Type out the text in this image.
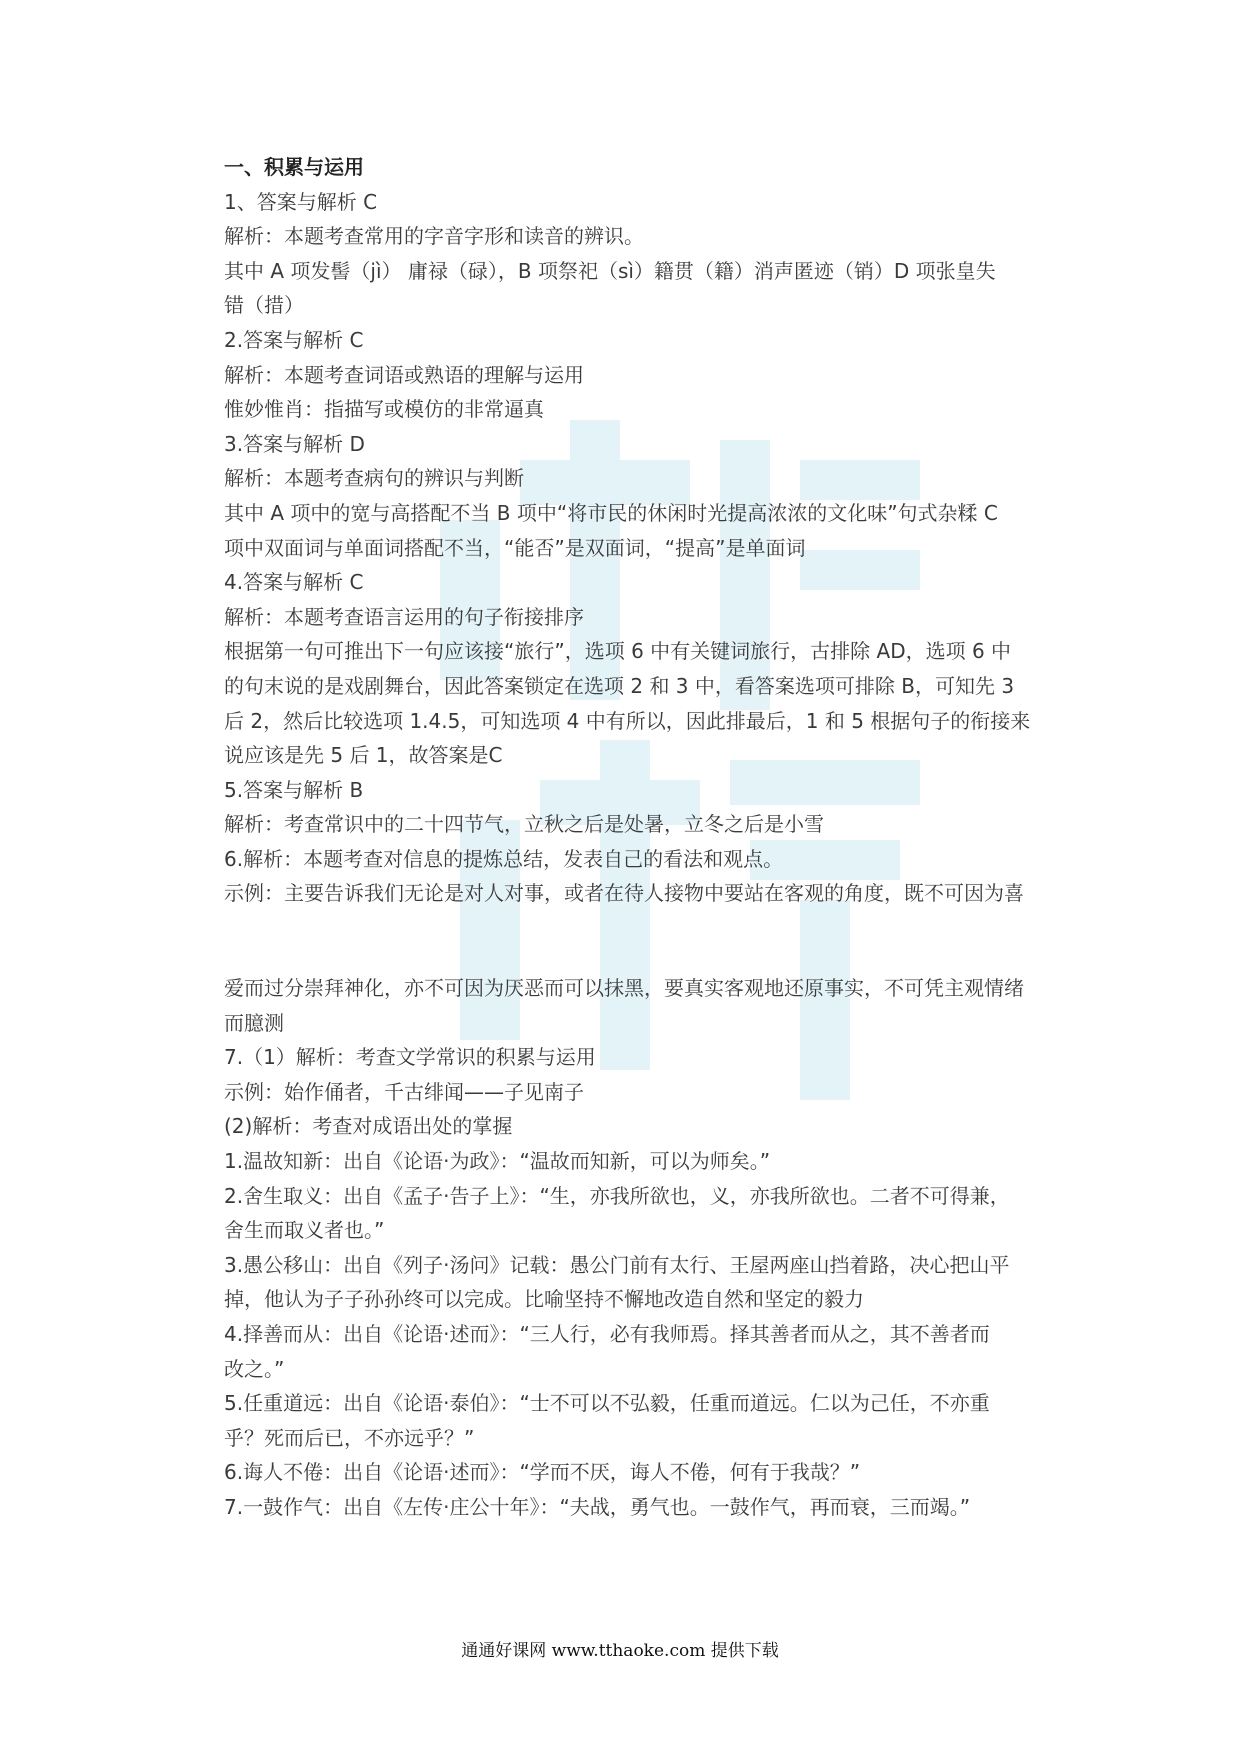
一、积累与运用
1、答案与解析 C
解析：本题考查常用的字音字形和读音的辨识。
其中 A 项发髻（jì） 庸禄（碌），B 项祭祀（sì）籍贯（籍）消声匿迹（销）D 项张皇失
错（措）
2.答案与解析 C
解析：本题考查词语或熟语的理解与运用
惟妙惟肖：指描写或模仿的非常逼真
3.答案与解析 D
解析：本题考查病句的辨识与判断
其中 A 项中的宽与高搭配不当 B 项中“将市民的休闲时光提高浓浓的文化味”句式杂糅 C
项中双面词与单面词搭配不当，“能否”是双面词，“提高”是单面词
4.答案与解析 C
解析：本题考查语言运用的句子衔接排序
根据第一句可推出下一句应该接“旅行”，选项 6 中有关键词旅行，古排除 AD，选项 6 中
的句末说的是戏剧舞台，因此答案锁定在选项 2 和 3 中，看答案选项可排除 B，可知先 3
后 2，然后比较选项 1.4.5，可知选项 4 中有所以，因此排最后，1 和 5 根据句子的衔接来
说应该是先 5 后 1，故答案是C
5.答案与解析 B
解析：考查常识中的二十四节气，立秋之后是处暑，立冬之后是小雪
6.解析：本题考查对信息的提炼总结，发表自己的看法和观点。
示例：主要告诉我们无论是对人对事，或者在待人接物中要站在客观的角度，既不可因为喜
爱而过分崇拜神化，亦不可因为厌恶而可以抹黑，要真实客观地还原事实，不可凭主观情绪
而臆测
7.（1）解析：考查文学常识的积累与运用
示例：始作俑者，千古绯闻——子见南子
(2)解析：考查对成语出处的掌握
1.温故知新：出自《论语·为政》：“温故而知新，可以为师矣。”
2.舍生取义：出自《孟子·告子上》：“生，亦我所欲也，义，亦我所欲也。二者不可得兼，
舍生而取义者也。”
3.愚公移山：出自《列子·汤问》记载：愚公门前有太行、王屋两座山挡着路，决心把山平
掉，他认为子子孙孙终可以完成。比喻坚持不懈地改造自然和坚定的毅力
4.择善而从：出自《论语·述而》：“三人行，必有我师焉。择其善者而从之，其不善者而
改之。”
5.任重道远：出自《论语·泰伯》：“士不可以不弘毅，任重而道远。仁以为己任，不亦重
乎？死而后已，不亦远乎？”
6.诲人不倦：出自《论语·述而》：“学而不厌，诲人不倦，何有于我哉？”
7.一鼓作气：出自《左传·庄公十年》：“夫战，勇气也。一鼓作气，再而衰，三而竭。”
通通好课网 www.tthaoke.com 提供下载
